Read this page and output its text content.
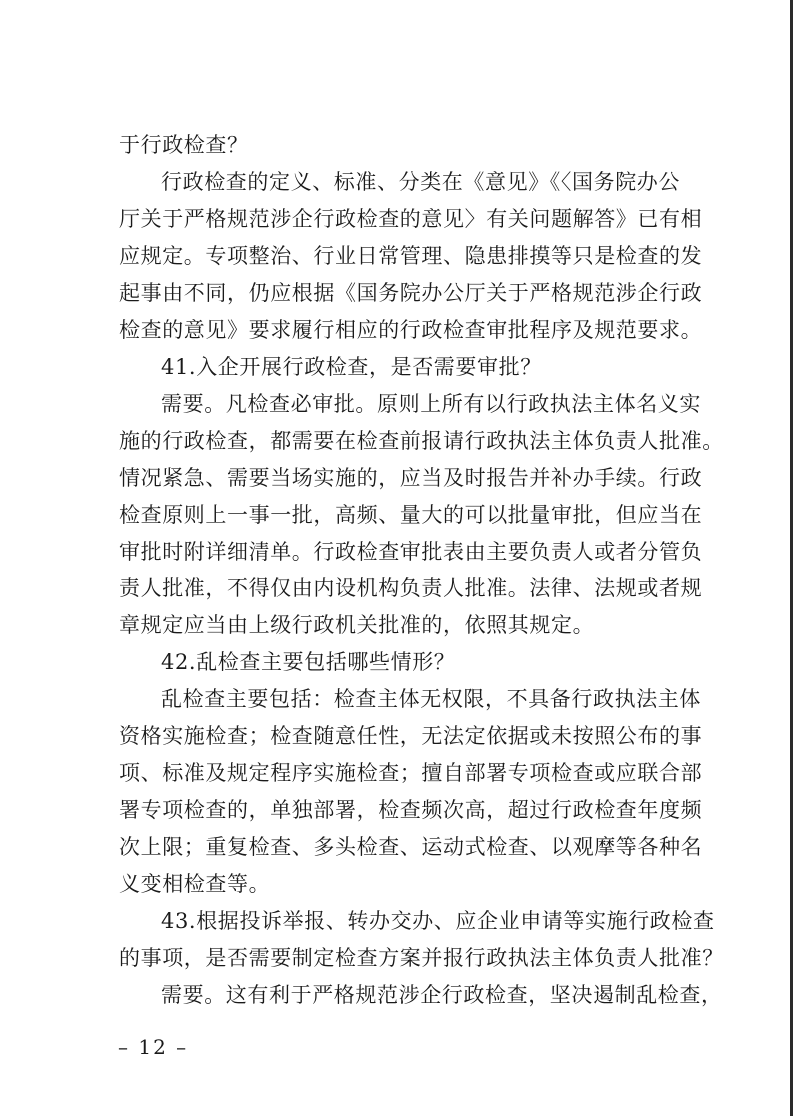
于行政检查？
行政检查的定义、标准、分类在《意见》《〈国务院办公
厅关于严格规范涉企行政检查的意见〉有关问题解答》已有相
应规定。专项整治、行业日常管理、隐患排摸等只是检查的发
起事由不同，仍应根据《国务院办公厅关于严格规范涉企行政
检查的意见》要求履行相应的行政检查审批程序及规范要求。
41.入企开展行政检查，是否需要审批？
需要。凡检查必审批。原则上所有以行政执法主体名义实
施的行政检查，都需要在检查前报请行政执法主体负责人批准。
情况紧急、需要当场实施的，应当及时报告并补办手续。行政
检查原则上一事一批，高频、量大的可以批量审批，但应当在
审批时附详细清单。行政检查审批表由主要负责人或者分管负
责人批准，不得仅由内设机构负责人批准。法律、法规或者规
章规定应当由上级行政机关批准的，依照其规定。
42.乱检查主要包括哪些情形？
乱检查主要包括：检查主体无权限，不具备行政执法主体
资格实施检查；检查随意任性，无法定依据或未按照公布的事
项、标准及规定程序实施检查；擅自部署专项检查或应联合部
署专项检查的，单独部署，检查频次高，超过行政检查年度频
次上限；重复检查、多头检查、运动式检查、以观摩等各种名
义变相检查等。
43.根据投诉举报、转办交办、应企业申请等实施行政检查
的事项，是否需要制定检查方案并报行政执法主体负责人批准？
需要。这有利于严格规范涉企行政检查，坚决遏制乱检查，
– 12 –
